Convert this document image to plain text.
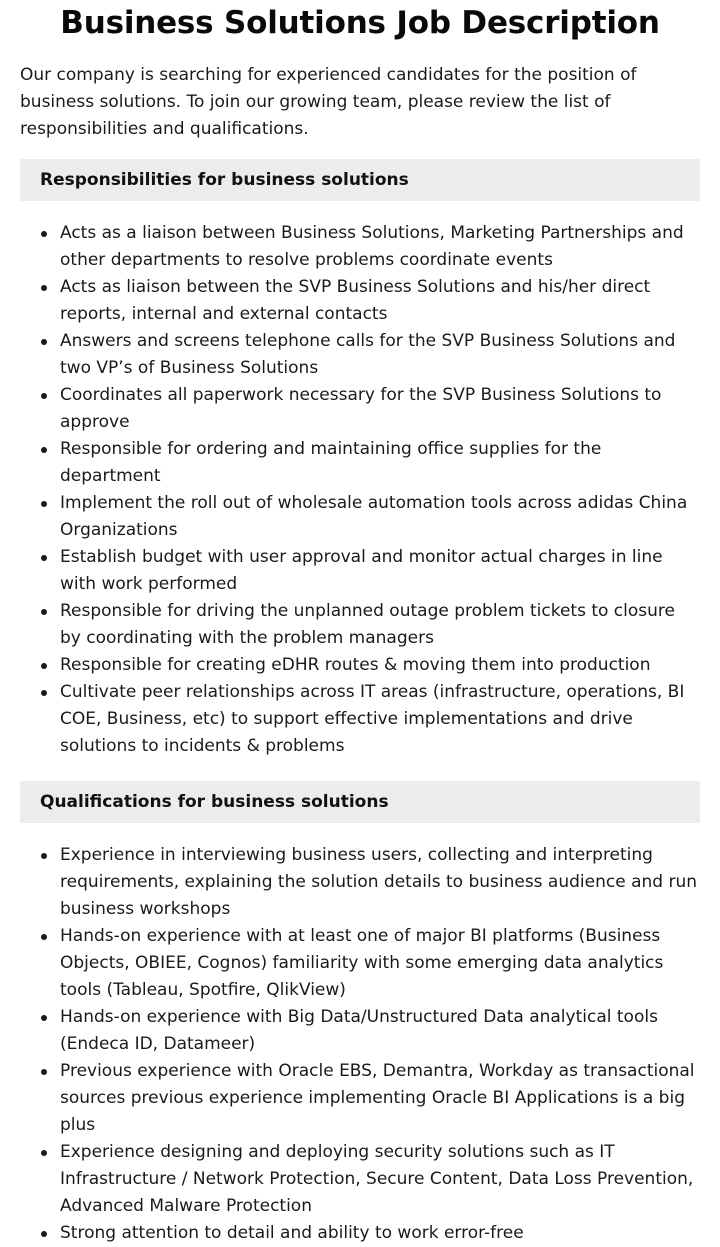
Business Solutions Job Description

Our company is searching for experienced candidates for the position of business solutions. To join our growing team, please review the list of responsibilities and qualifications.

Responsibilities for business solutions
Acts as a liaison between Business Solutions, Marketing Partnerships and other departments to resolve problems coordinate events
Acts as liaison between the SVP Business Solutions and his/her direct reports, internal and external contacts
Answers and screens telephone calls for the SVP Business Solutions and two VP’s of Business Solutions
Coordinates all paperwork necessary for the SVP Business Solutions to approve
Responsible for ordering and maintaining office supplies for the department
Implement the roll out of wholesale automation tools across adidas China Organizations
Establish budget with user approval and monitor actual charges in line with work performed
Responsible for driving the unplanned outage problem tickets to closure by coordinating with the problem managers
Responsible for creating eDHR routes & moving them into production
Cultivate peer relationships across IT areas (infrastructure, operations, BI COE, Business, etc) to support effective implementations and drive solutions to incidents & problems
Qualifications for business solutions
Experience in interviewing business users, collecting and interpreting requirements, explaining the solution details to business audience and run business workshops
Hands-on experience with at least one of major BI platforms (Business Objects, OBIEE, Cognos) familiarity with some emerging data analytics tools (Tableau, Spotfire, QlikView)
Hands-on experience with Big Data/Unstructured Data analytical tools (Endeca ID, Datameer)
Previous experience with Oracle EBS, Demantra, Workday as transactional sources previous experience implementing Oracle BI Applications is a big plus
Experience designing and deploying security solutions such as IT Infrastructure / Network Protection, Secure Content, Data Loss Prevention, Advanced Malware Protection
Strong attention to detail and ability to work error-free
